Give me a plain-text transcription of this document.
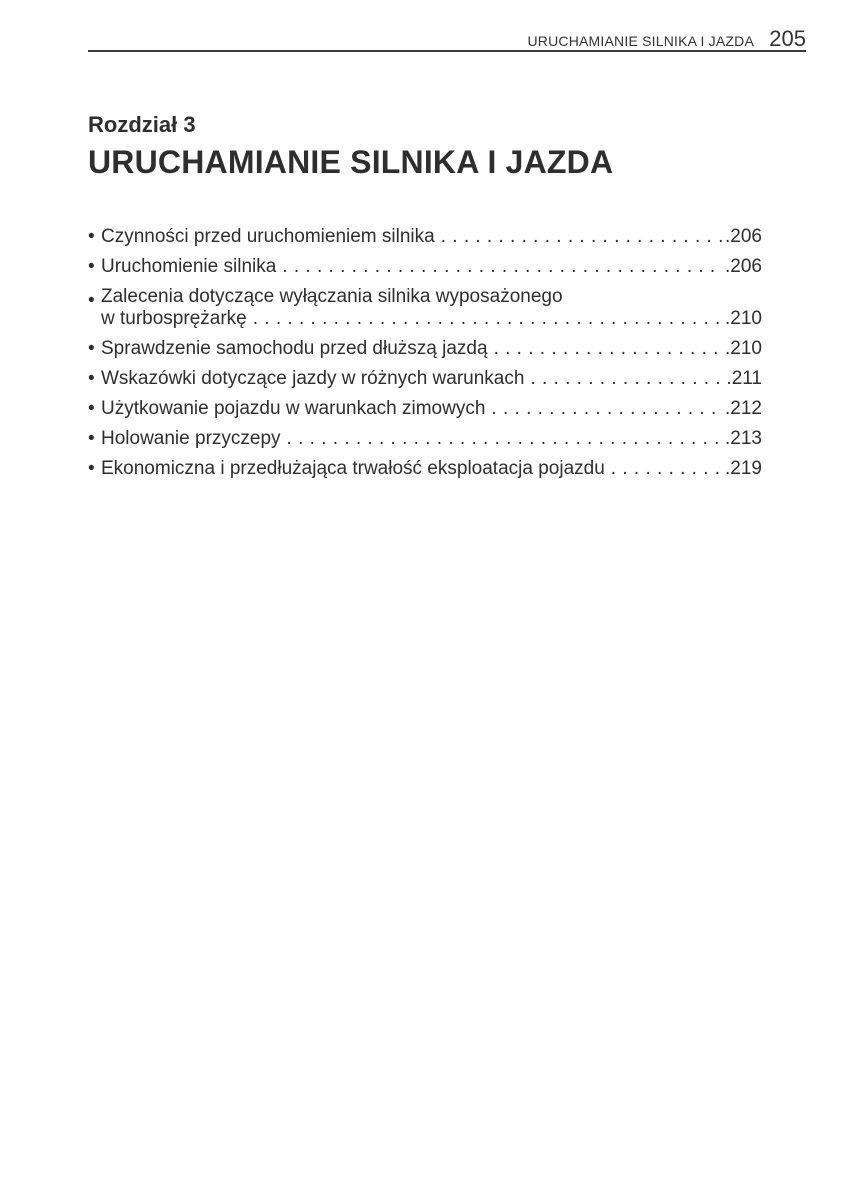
URUCHAMIANIE SILNIKA I JAZDA 205
Rozdział 3
URUCHAMIANIE SILNIKA I JAZDA
• Czynności przed uruchomieniem silnika . . .	.206
• Uruchomienie silnika . . .	.206
• Zalecenia dotyczące wyłączania silnika wyposażonego
w turbosprężarkę . . .	.210
• Sprawdzenie samochodu przed dłuższą jazdą . . .	.210
• Wskazówki dotyczące jazdy w różnych warunkach . . .	.211
• Użytkowanie pojazdu w warunkach zimowych . . .	.212
• Holowanie przyczepy . . .	.213
• Ekonomiczna i przedłużająca trwałość eksploatacja pojazdu . . .	.219
